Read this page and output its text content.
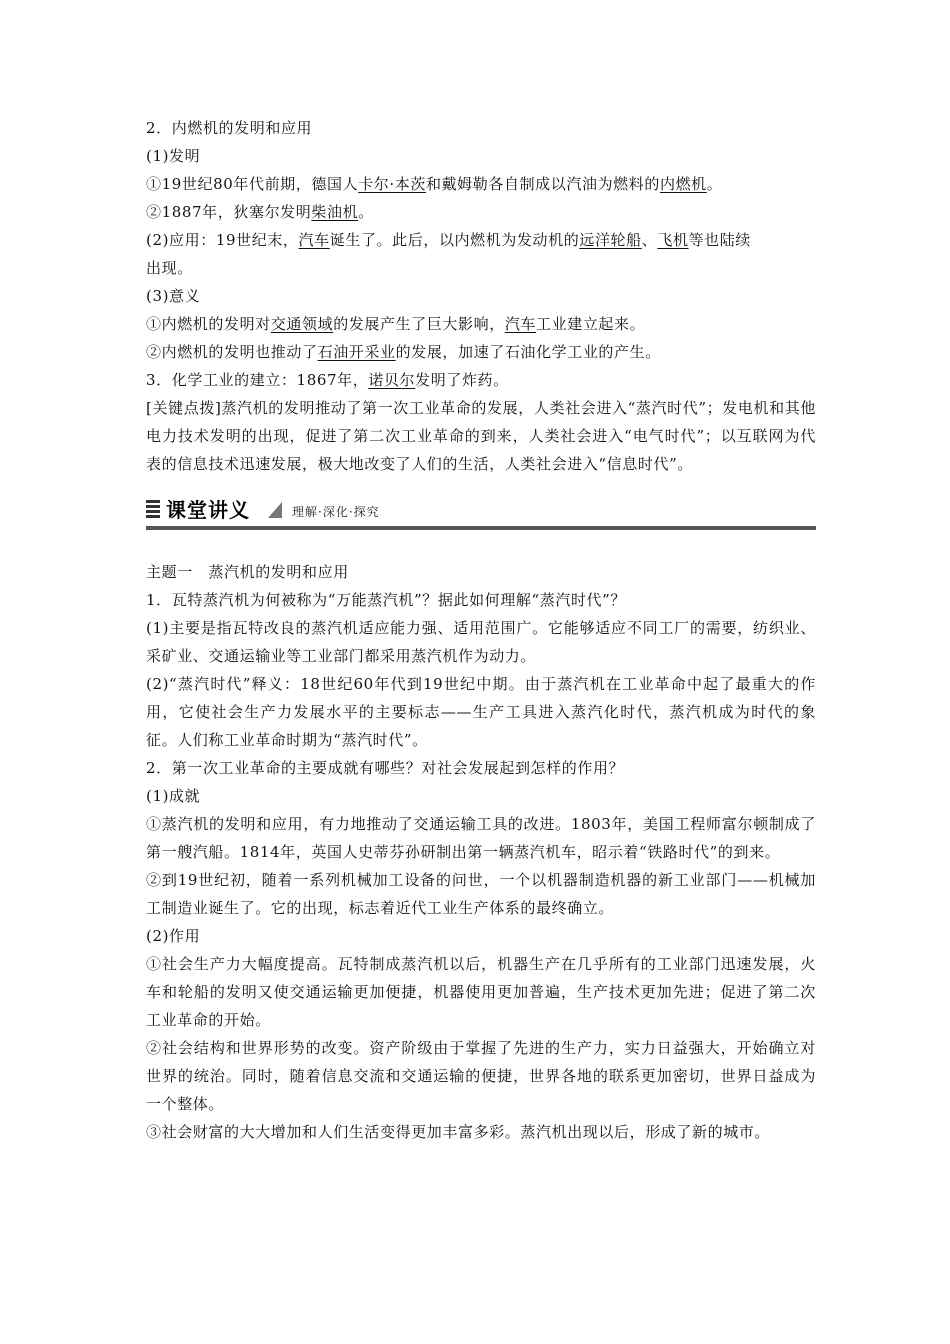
2．内燃机的发明和应用
(1)发明
①19世纪80年代前期，德国人卡尔·本茨和戴姆勒各自制成以汽油为燃料的内燃机。
②1887年，狄塞尔发明柴油机。
(2)应用：19世纪末，汽车诞生了。此后，以内燃机为发动机的远洋轮船、飞机等也陆续
出现。
(3)意义
①内燃机的发明对交通领域的发展产生了巨大影响，汽车工业建立起来。
②内燃机的发明也推动了石油开采业的发展，加速了石油化学工业的产生。
3．化学工业的建立：1867年，诺贝尔发明了炸药。
[关键点拨]蒸汽机的发明推动了第一次工业革命的发展，人类社会进入“蒸汽时代”；发电机和其他电力技术发明的出现，促进了第二次工业革命的到来，人类社会进入“电气时代”；以互联网为代表的信息技术迅速发展，极大地改变了人们的生活，人类社会进入“信息时代”。
课堂讲义	理解·深化·探究
主题一　蒸汽机的发明和应用
1．瓦特蒸汽机为何被称为“万能蒸汽机”？据此如何理解“蒸汽时代”？
(1)主要是指瓦特改良的蒸汽机适应能力强、适用范围广。它能够适应不同工厂的需要，纺织业、采矿业、交通运输业等工业部门都采用蒸汽机作为动力。
(2)“蒸汽时代”释义：18世纪60年代到19世纪中期。由于蒸汽机在工业革命中起了最重大的作用，它使社会生产力发展水平的主要标志——生产工具进入蒸汽化时代，蒸汽机成为时代的象征。人们称工业革命时期为“蒸汽时代”。
2．第一次工业革命的主要成就有哪些？对社会发展起到怎样的作用？
(1)成就
①蒸汽机的发明和应用，有力地推动了交通运输工具的改进。1803年，美国工程师富尔顿制成了第一艘汽船。1814年，英国人史蒂芬孙研制出第一辆蒸汽机车，昭示着“铁路时代”的到来。
②到19世纪初，随着一系列机械加工设备的问世，一个以机器制造机器的新工业部门——机械加工制造业诞生了。它的出现，标志着近代工业生产体系的最终确立。
(2)作用
①社会生产力大幅度提高。瓦特制成蒸汽机以后，机器生产在几乎所有的工业部门迅速发展，火车和轮船的发明又使交通运输更加便捷，机器使用更加普遍，生产技术更加先进；促进了第二次工业革命的开始。
②社会结构和世界形势的改变。资产阶级由于掌握了先进的生产力，实力日益强大，开始确立对世界的统治。同时，随着信息交流和交通运输的便捷，世界各地的联系更加密切，世界日益成为一个整体。
③社会财富的大大增加和人们生活变得更加丰富多彩。蒸汽机出现以后，形成了新的城市。
